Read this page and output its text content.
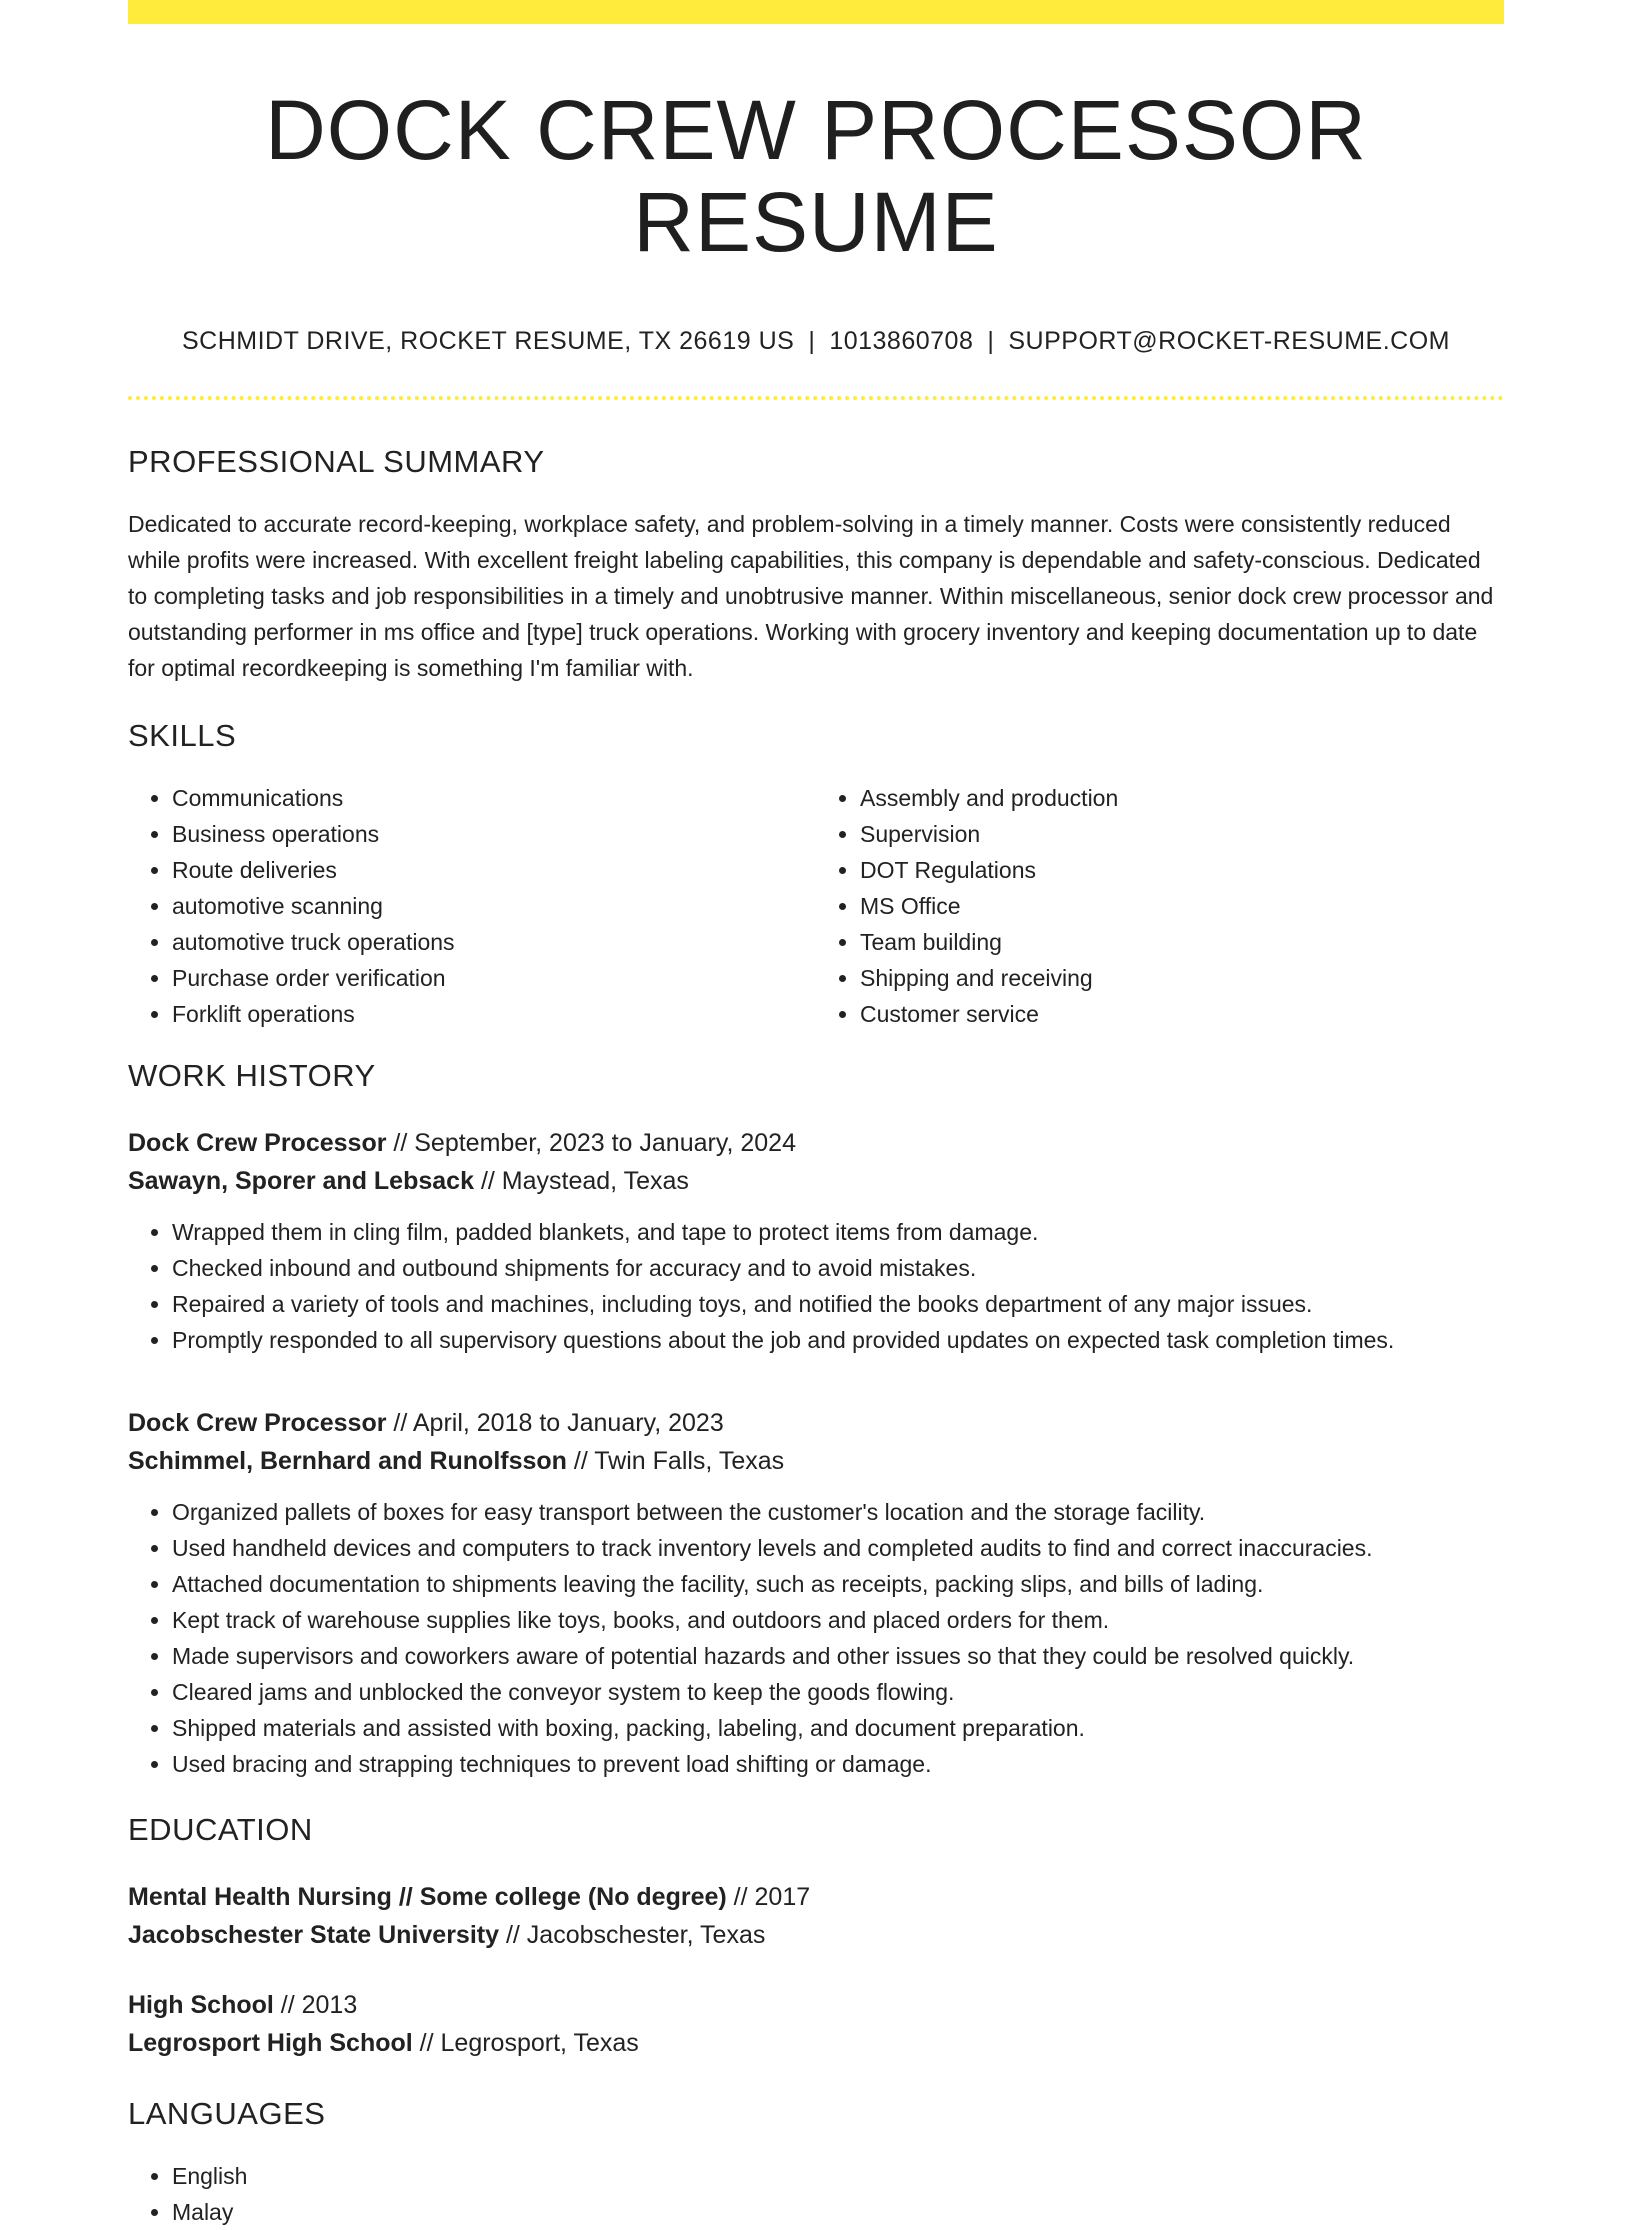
DOCK CREW PROCESSOR RESUME
SCHMIDT DRIVE, ROCKET RESUME, TX 26619 US | 1013860708 | SUPPORT@ROCKET-RESUME.COM
PROFESSIONAL SUMMARY

Dedicated to accurate record-keeping, workplace safety, and problem-solving in a timely manner. Costs were consistently reduced while profits were increased. With excellent freight labeling capabilities, this company is dependable and safety-conscious. Dedicated to completing tasks and job responsibilities in a timely and unobtrusive manner. Within miscellaneous, senior dock crew processor and outstanding performer in ms office and [type] truck operations. Working with grocery inventory and keeping documentation up to date for optimal recordkeeping is something I'm familiar with.

SKILLS
• Communications
• Business operations
• Route deliveries
• automotive scanning
• automotive truck operations
• Purchase order verification
• Forklift operations
• Assembly and production
• Supervision
• DOT Regulations
• MS Office
• Team building
• Shipping and receiving
• Customer service
WORK HISTORY
Dock Crew Processor // September, 2023 to January, 2024
Sawayn, Sporer and Lebsack // Maystead, Texas
• Wrapped them in cling film, padded blankets, and tape to protect items from damage.
• Checked inbound and outbound shipments for accuracy and to avoid mistakes.
• Repaired a variety of tools and machines, including toys, and notified the books department of any major issues.
• Promptly responded to all supervisory questions about the job and provided updates on expected task completion times.
Dock Crew Processor // April, 2018 to January, 2023
Schimmel, Bernhard and Runolfsson // Twin Falls, Texas
• Organized pallets of boxes for easy transport between the customer's location and the storage facility.
• Used handheld devices and computers to track inventory levels and completed audits to find and correct inaccuracies.
• Attached documentation to shipments leaving the facility, such as receipts, packing slips, and bills of lading.
• Kept track of warehouse supplies like toys, books, and outdoors and placed orders for them.
• Made supervisors and coworkers aware of potential hazards and other issues so that they could be resolved quickly.
• Cleared jams and unblocked the conveyor system to keep the goods flowing.
• Shipped materials and assisted with boxing, packing, labeling, and document preparation.
• Used bracing and strapping techniques to prevent load shifting or damage.
EDUCATION
Mental Health Nursing // Some college (No degree) // 2017
Jacobschester State University // Jacobschester, Texas
High School // 2013
Legrosport High School // Legrosport, Texas
LANGUAGES
• English
• Malay
